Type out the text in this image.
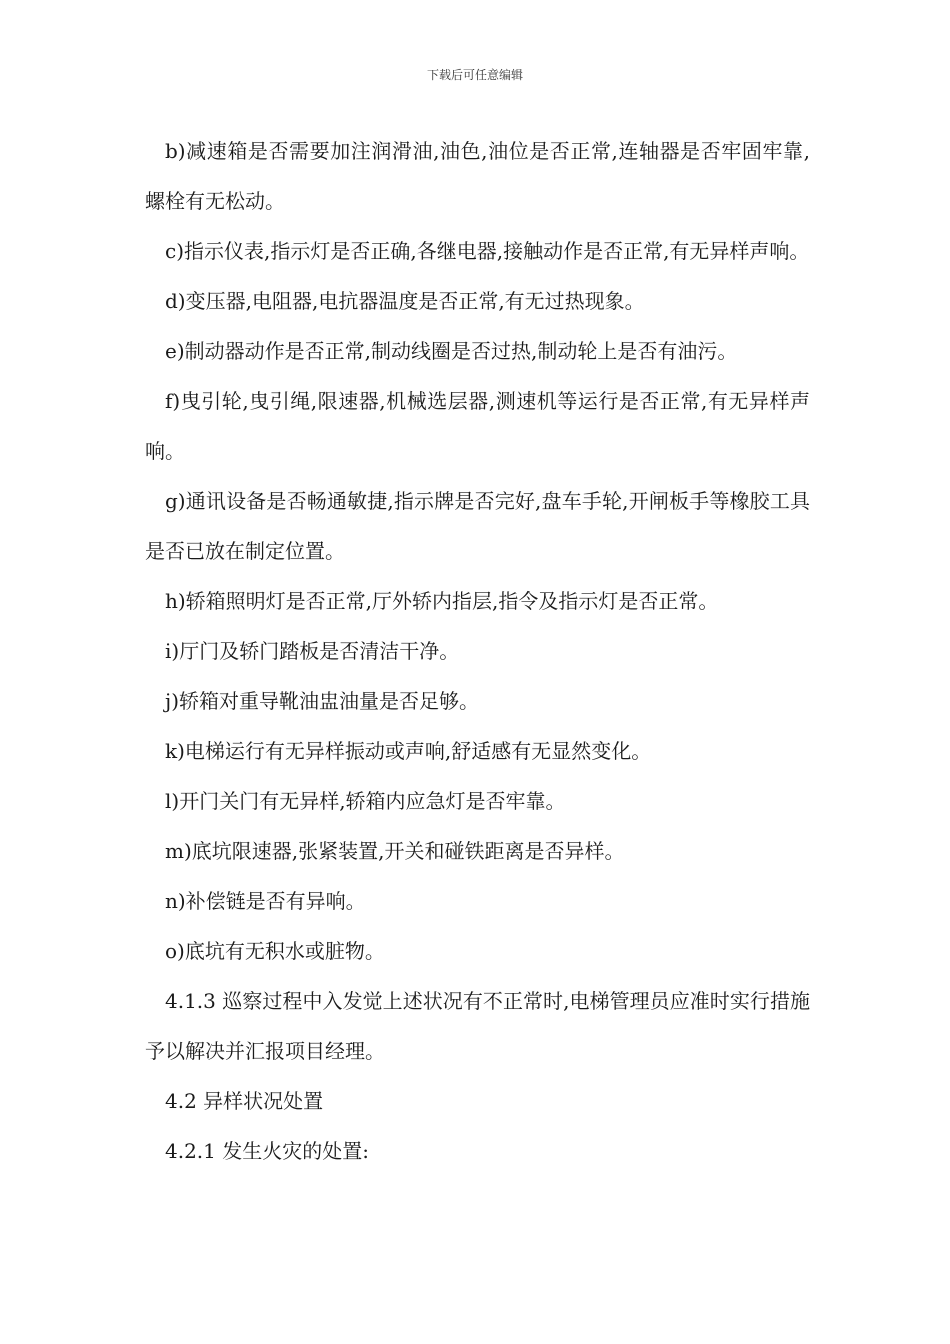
下载后可任意编辑

b)减速箱是否需要加注润滑油,油色,油位是否正常,连轴器是否牢固牢靠,螺栓有无松动。

c)指示仪表,指示灯是否正确,各继电器,接触动作是否正常,有无异样声响。

d)变压器,电阻器,电抗器温度是否正常,有无过热现象。

e)制动器动作是否正常,制动线圈是否过热,制动轮上是否有油污。

f)曳引轮,曳引绳,限速器,机械选层器,测速机等运行是否正常,有无异样声响。

g)通讯设备是否畅通敏捷,指示牌是否完好,盘车手轮,开闸板手等橡胶工具是否已放在制定位置。

h)轿箱照明灯是否正常,厅外轿内指层,指令及指示灯是否正常。

i)厅门及轿门踏板是否清洁干净。

j)轿箱对重导靴油盅油量是否足够。

k)电梯运行有无异样振动或声响,舒适感有无显然变化。

l)开门关门有无异样,轿箱内应急灯是否牢靠。

m)底坑限速器,张紧装置,开关和碰铁距离是否异样。

n)补偿链是否有异响。

o)底坑有无积水或脏物。

4.1.3 巡察过程中入发觉上述状况有不正常时,电梯管理员应准时实行措施予以解决并汇报项目经理。

4.2 异样状况处置

4.2.1 发生火灾的处置:
